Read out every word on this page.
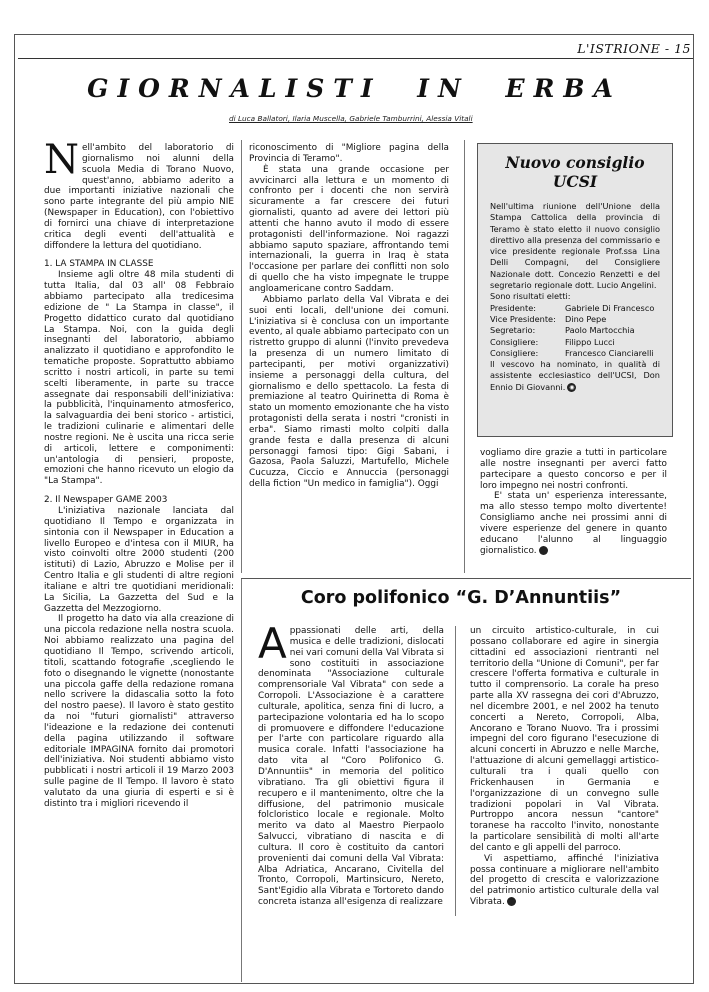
L'ISTRIONE - 15
GIORNALISTI IN ERBA
di Luca Ballatori, Ilaria Muscella, Gabriele Tamburrini, Alessia Vitali

Nell'ambito del laboratorio di giornalismo noi alunni della scuola Media di Torano Nuovo, quest'anno, abbiamo aderito a due importanti iniziative nazionali che sono parte integrante del più ampio NIE (Newspaper in Education), con l'obiettivo di fornirci una chiave di interpretazione critica degli eventi dell'attualità e diffondere la lettura del quotidiano.

1. LA STAMPA IN CLASSE

Insieme agli oltre 48 mila studenti di tutta Italia, dal 03 all' 08 Febbraio abbiamo partecipato alla tredicesima edizione de " La Stampa in classe", il Progetto didattico curato dal quotidiano La Stampa. Noi, con la guida degli insegnanti del laboratorio, abbiamo analizzato il quotidiano e approfondito le tematiche proposte. Soprattutto abbiamo scritto i nostri articoli, in parte su temi scelti liberamente, in parte su tracce assegnate dai responsabili dell'iniziativa: la pubblicità, l'inquinamento atmosferico, la salvaguardia dei beni storico - artistici, le tradizioni culinarie e alimentari delle nostre regioni. Ne è uscita una ricca serie di articoli, lettere e componimenti: un'antologia di pensieri, proposte, emozioni che hanno ricevuto un elogio da "La Stampa".

2. Il Newspaper GAME 2003

L'iniziativa nazionale lanciata dal quotidiano Il Tempo e organizzata in sintonia con il Newspaper in Education a livello Europeo e d'intesa con il MIUR, ha visto coinvolti oltre 2000 studenti (200 istituti) di Lazio, Abruzzo e Molise per il Centro Italia e gli studenti di altre regioni italiane e altri tre quotidiani meridionali: La Sicilia, La Gazzetta del Sud e la Gazzetta del Mezzogiorno.

Il progetto ha dato via alla creazione di una piccola redazione nella nostra scuola. Noi abbiamo realizzato una pagina del quotidiano Il Tempo, scrivendo articoli, titoli, scattando fotografie ,scegliendo le foto o disegnando le vignette (nonostante una piccola gaffe della redazione romana nello scrivere la didascalia sotto la foto del nostro paese). Il lavoro è stato gestito da noi "futuri giornalisti" attraverso l'ideazione e la redazione dei contenuti della pagina utilizzando il software editoriale IMPAGINA fornito dai promotori dell'iniziativa. Noi studenti abbiamo visto pubblicati i nostri articoli il 19 Marzo 2003 sulle pagine de Il Tempo. Il lavoro è stato valutato da una giuria di esperti e si è distinto tra i migliori ricevendo il

riconoscimento di "Migliore pagina della Provincia di Teramo".

È stata una grande occasione per avvicinarci alla lettura e un momento di confronto per i docenti che non servirà sicuramente a far crescere dei futuri giornalisti, quanto ad avere dei lettori più attenti che hanno avuto il modo di essere protagonisti dell'informazione. Noi ragazzi abbiamo saputo spaziare, affrontando temi internazionali, la guerra in Iraq è stata l'occasione per parlare dei conflitti non solo di quello che ha visto impegnate le truppe angloamericane contro Saddam.

Abbiamo parlato della Val Vibrata e dei suoi enti locali, dell'unione dei comuni. L'iniziativa si è conclusa con un importante evento, al quale abbiamo partecipato con un ristretto gruppo di alunni (l'invito prevedeva la presenza di un numero limitato di partecipanti, per motivi organizzativi) insieme a personaggi della cultura, del giornalismo e dello spettacolo. La festa di premiazione al teatro Quirinetta di Roma è stato un momento emozionante che ha visto protagonisti della serata i nostri "cronisti in erba". Siamo rimasti molto colpiti dalla grande festa e dalla presenza di alcuni personaggi famosi tipo: Gigi Sabani, i Gazosa, Paola Saluzzi, Martufello, Michele Cucuzza, Ciccio e Annuccia (personaggi della fiction "Un medico in famiglia"). Oggi

Nuovo consiglio UCSI
Nell'ultima riunione dell'Unione della Stampa Cattolica della provincia di Teramo è stato eletto il nuovo consiglio direttivo alla presenza del commissario e vice presidente regionale Prof.ssa Lina Delli Compagni, del Consigliere Nazionale dott. Concezio Renzetti e del segretario regionale dott. Lucio Angelini.
Sono risultati eletti:
Presidente:	Gabriele Di Francesco
Vice Presidente:	Dino Pepe
Segretario:	Paolo Martocchia
Consigliere:	Filippo Lucci
Consigliere:	Francesco Cianciarelli
Il vescovo ha nominato, in qualità di assistente ecclesiastico dell'UCSI, Don Ennio Di Giovanni. ◉

vogliamo dire grazie a tutti in particolare alle nostre insegnanti per averci fatto partecipare a questo concorso e per il loro impegno nei nostri confronti.

E' stata un' esperienza interessante, ma allo stesso tempo molto divertente! Consigliamo anche nei prossimi anni di vivere esperienze del genere in quanto educano l'alunno al linguaggio giornalistico.	◉

Coro polifonico “G. D’Annuntiis”

Appassionati delle arti, della musica e delle tradizioni, dislocati nei vari comuni della Val Vibrata si sono costituiti in associazione denominata "Associazione culturale comprensoriale Val Vibrata" con sede a Corropoli. L'Associazione è a carattere culturale, apolitica, senza fini di lucro, a partecipazione volontaria ed ha lo scopo di promuovere e diffondere l'educazione per l'arte con particolare riguardo alla musica corale. Infatti l'associazione ha dato vita al "Coro Polifonico G. D'Annuntiis" in memoria del politico vibratiano. Tra gli obiettivi figura il recupero e il mantenimento, oltre che la diffusione, del patrimonio musicale folcloristico locale e regionale. Molto merito va dato al Maestro Pierpaolo Salvucci, vibratiano di nascita e di cultura. Il coro è costituito da cantori provenienti dai comuni della Val Vibrata: Alba Adriatica, Ancarano, Civitella del Tronto, Corropoli, Martinsicuro, Nereto, Sant'Egidio alla Vibrata e Tortoreto dando concreta istanza all'esigenza di realizzare

un circuito artistico-culturale, in cui possano collaborare ed agire in sinergia cittadini ed associazioni rientranti nel territorio della "Unione di Comuni", per far crescere l'offerta formativa e culturale in tutto il comprensorio. La corale ha preso parte alla XV rassegna dei cori d'Abruzzo, nel dicembre 2001, e nel 2002 ha tenuto concerti a Nereto, Corropoli, Alba, Ancorano e Torano Nuovo. Tra i prossimi impegni del coro figurano l'esecuzione di alcuni concerti in Abruzzo e nelle Marche, l'attuazione di alcuni gemellaggi artistico-culturali tra i quali quello con Frickenhausen in Germania e l'organizzazione di un convegno sulle tradizioni popolari in Val Vibrata. Purtroppo ancora nessun "cantore" toranese ha raccolto l'invito, nonostante la particolare sensibilità di molti all'arte del canto e gli appelli del parroco.

Vi aspettiamo, affinché l'iniziativa possa continuare a migliorare nell'ambito del progetto di crescita e valorizzazione del patrimonio artistico culturale della val Vibrata.	◉
